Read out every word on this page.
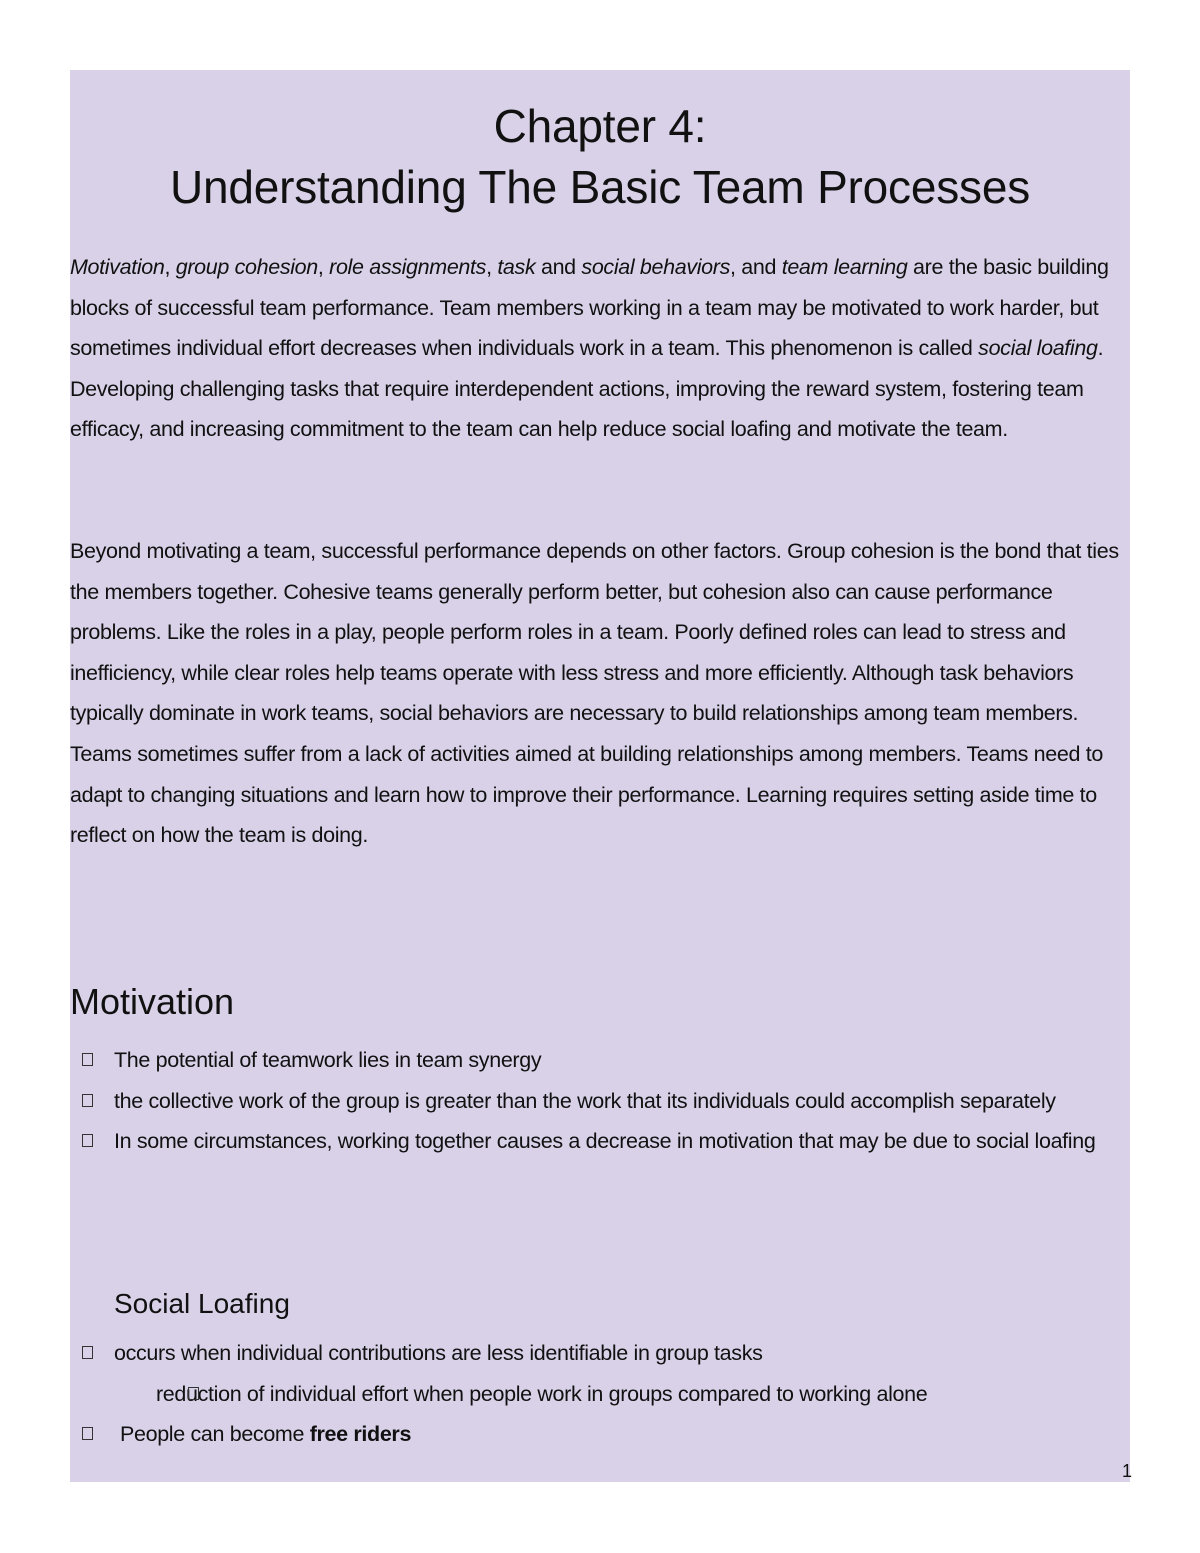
Chapter 4:
Understanding The Basic Team Processes

Motivation, group cohesion, role assignments, task and social behaviors, and team learning are the basic building blocks of successful team performance. Team members working in a team may be motivated to work harder, but sometimes individual effort decreases when individuals work in a team. This phenomenon is called social loafing. Developing challenging tasks that require interdependent actions, improving the reward system, fostering team efficacy, and increasing commitment to the team can help reduce social loafing and motivate the team.

Beyond motivating a team, successful performance depends on other factors. Group cohesion is the bond that ties the members together. Cohesive teams generally perform better, but cohesion also can cause performance problems. Like the roles in a play, people perform roles in a team. Poorly defined roles can lead to stress and inefficiency, while clear roles help teams operate with less stress and more efficiently. Although task behaviors typically dominate in work teams, social behaviors are necessary to build relationships among team members. Teams sometimes suffer from a lack of activities aimed at building relationships among members. Teams need to adapt to changing situations and learn how to improve their performance. Learning requires setting aside time to reflect on how the team is doing.

Motivation
The potential of teamwork lies in team synergy
the collective work of the group is greater than the work that its individuals could accomplish separately
In some circumstances, working together causes a decrease in motivation that may be due to social loafing
Social Loafing
occurs when individual contributions are less identifiable in group tasks
reduction of individual effort when people work in groups compared to working alone
People can become free riders
1
